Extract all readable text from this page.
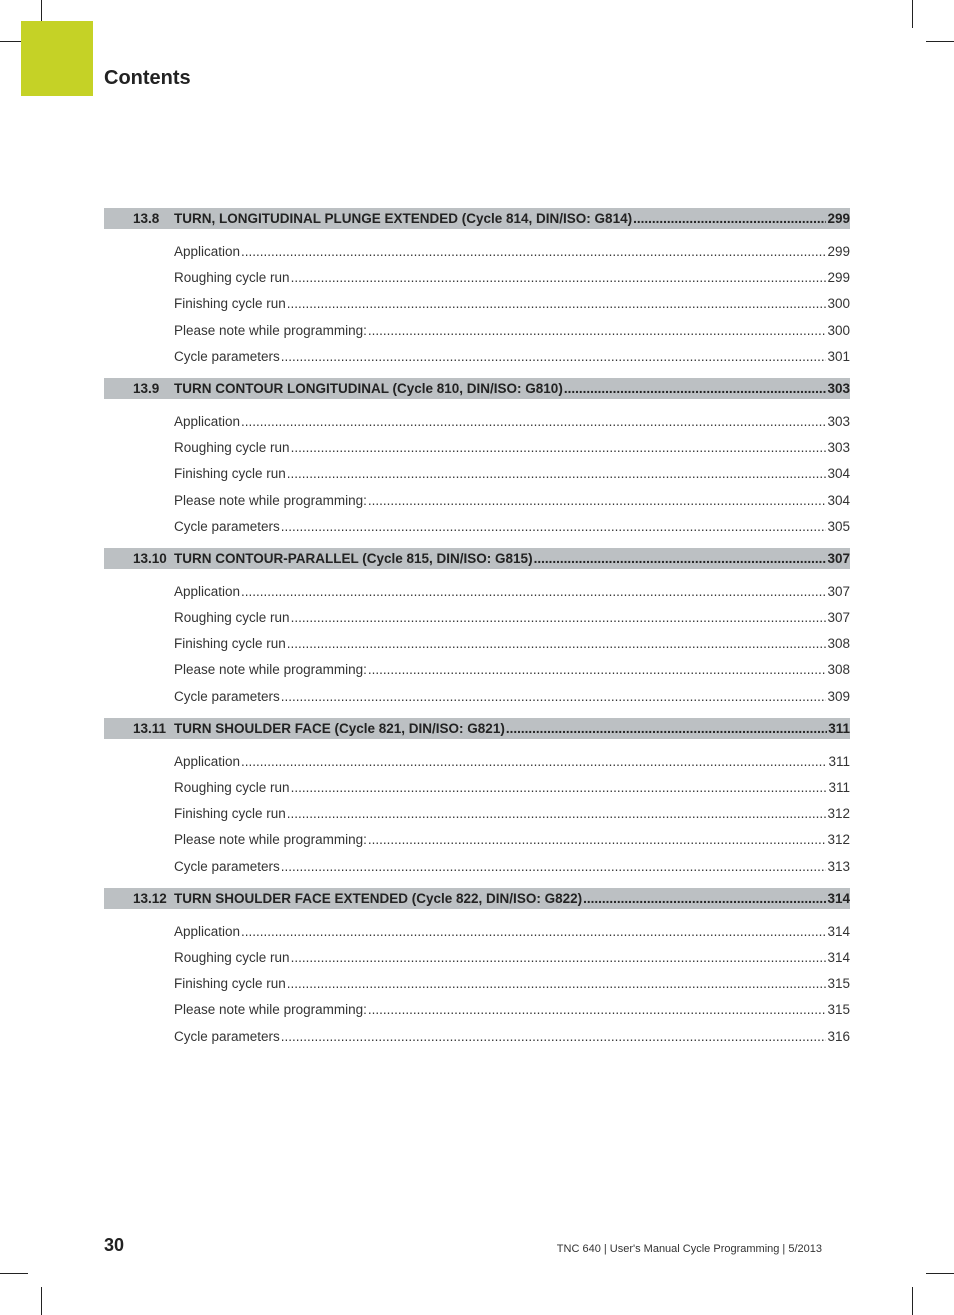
Contents
13.8	TURN, LONGITUDINAL PLUNGE EXTENDED (Cycle 814, DIN/ISO: G814) .....	299
Application .....	299
Roughing cycle run .....	299
Finishing cycle run .....	300
Please note while programming: .....	300
Cycle parameters .....	301
13.9	TURN CONTOUR LONGITUDINAL (Cycle 810, DIN/ISO: G810) .....	303
Application .....	303
Roughing cycle run .....	303
Finishing cycle run .....	304
Please note while programming: .....	304
Cycle parameters .....	305
13.10 TURN CONTOUR-PARALLEL (Cycle 815, DIN/ISO: G815) .....	307
Application .....	307
Roughing cycle run .....	307
Finishing cycle run .....	308
Please note while programming: .....	308
Cycle parameters .....	309
13.11 TURN SHOULDER FACE (Cycle 821, DIN/ISO: G821) .....	311
Application .....	311
Roughing cycle run .....	311
Finishing cycle run .....	312
Please note while programming: .....	312
Cycle parameters .....	313
13.12 TURN SHOULDER FACE EXTENDED (Cycle 822, DIN/ISO: G822) .....	314
Application .....	314
Roughing cycle run .....	314
Finishing cycle run .....	315
Please note while programming: .....	315
Cycle parameters .....	316
30	TNC 640 | User's Manual Cycle Programming | 5/2013
